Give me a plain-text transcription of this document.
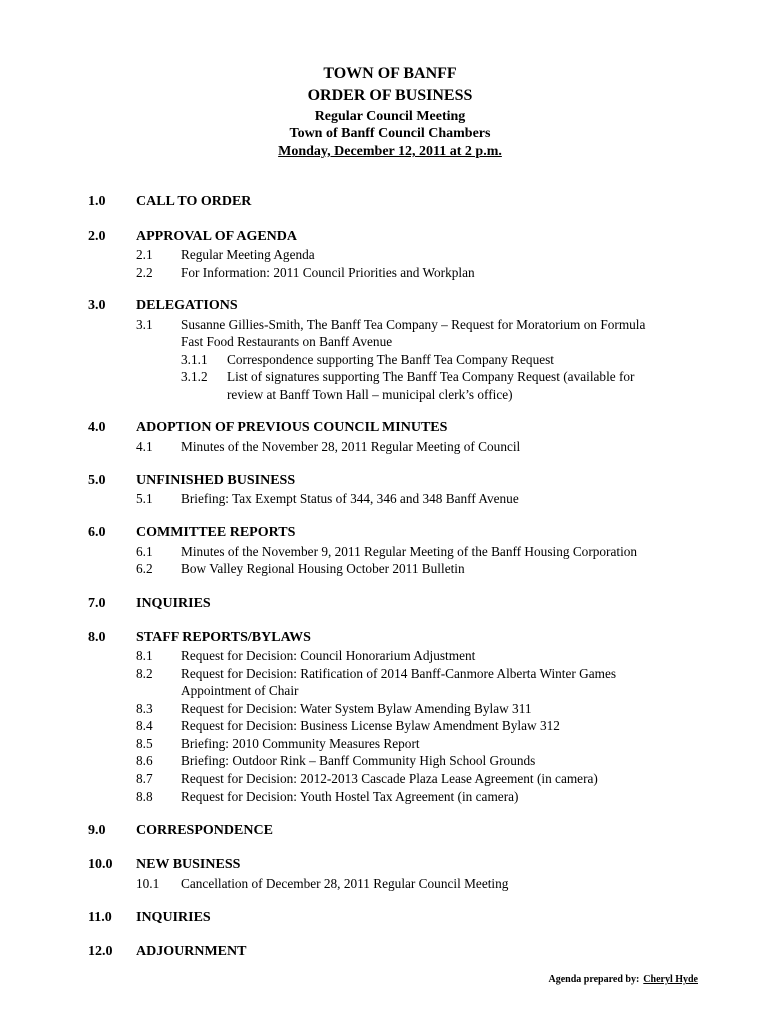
TOWN OF BANFF
ORDER OF BUSINESS
Regular Council Meeting
Town of Banff Council Chambers
Monday, December 12, 2011 at 2 p.m.
1.0 CALL TO ORDER
2.0 APPROVAL OF AGENDA
2.1 Regular Meeting Agenda
2.2 For Information: 2011 Council Priorities and Workplan
3.0 DELEGATIONS
3.1 Susanne Gillies-Smith, The Banff Tea Company – Request for Moratorium on Formula
Fast Food Restaurants on Banff Avenue
3.1.1 Correspondence supporting The Banff Tea Company Request
3.1.2 List of signatures supporting The Banff Tea Company Request (available for
review at Banff Town Hall – municipal clerk’s office)
4.0 ADOPTION OF PREVIOUS COUNCIL MINUTES
4.1 Minutes of the November 28, 2011 Regular Meeting of Council
5.0 UNFINISHED BUSINESS
5.1 Briefing: Tax Exempt Status of 344, 346 and 348 Banff Avenue
6.0 COMMITTEE REPORTS
6.1 Minutes of the November 9, 2011 Regular Meeting of the Banff Housing Corporation
6.2 Bow Valley Regional Housing October 2011 Bulletin
7.0 INQUIRIES
8.0 STAFF REPORTS/BYLAWS
8.1 Request for Decision: Council Honorarium Adjustment
8.2 Request for Decision: Ratification of 2014 Banff-Canmore Alberta Winter Games
Appointment of Chair
8.3 Request for Decision: Water System Bylaw Amending Bylaw 311
8.4 Request for Decision: Business License Bylaw Amendment Bylaw 312
8.5 Briefing: 2010 Community Measures Report
8.6 Briefing: Outdoor Rink – Banff Community High School Grounds
8.7 Request for Decision: 2012-2013 Cascade Plaza Lease Agreement (in camera)
8.8 Request for Decision: Youth Hostel Tax Agreement (in camera)
9.0 CORRESPONDENCE
10.0 NEW BUSINESS
10.1 Cancellation of December 28, 2011 Regular Council Meeting
11.0 INQUIRIES
12.0 ADJOURNMENT
Agenda prepared by: Cheryl Hyde
